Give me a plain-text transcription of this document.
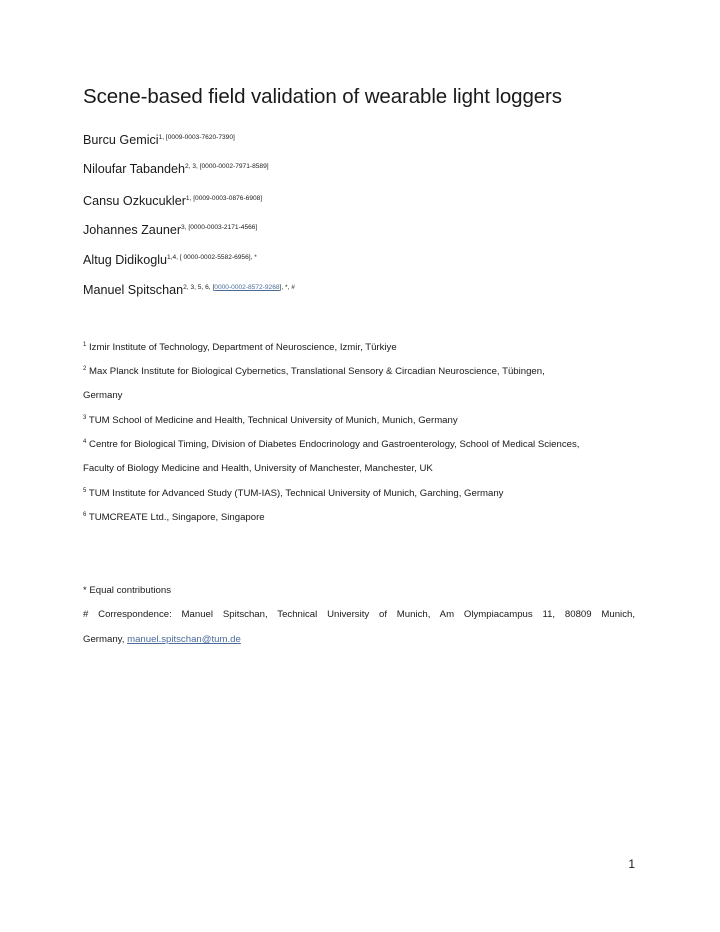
Scene-based field validation of wearable light loggers
Burcu Gemici$^{1, [0009-0003-7620-7390]}$
Niloufar Tabandeh$^{2, 3, [0000-0002-7971-8589]}$
Cansu Ozkucukler$^{1, [0009-0003-0876-6908]}$
Johannes Zauner$^{3, [0000-0003-2171-4566]}$
Altug Didikoglu$^{1,4, [ 0000-0002-5582-6956], *}$
Manuel Spitschan$^{2, 3, 5, 6, [0000-0002-8572-9268], *, \#}$
$^1$ Izmir Institute of Technology, Department of Neuroscience, Izmir, Türkiye
$^2$ Max Planck Institute for Biological Cybernetics, Translational Sensory & Circadian Neuroscience, Tübingen,
Germany
$^3$ TUM School of Medicine and Health, Technical University of Munich, Munich, Germany
$^4$ Centre for Biological Timing, Division of Diabetes Endocrinology and Gastroenterology, School of Medical Sciences,
Faculty of Biology Medicine and Health, University of Manchester, Manchester, UK
$^5$ TUM Institute for Advanced Study (TUM-IAS), Technical University of Munich, Garching, Germany
$^6$ TUMCREATE Ltd., Singapore, Singapore
* Equal contributions
# Correspondence: Manuel Spitschan, Technical University of Munich, Am Olympiacampus 11, 80809 Munich,
Germany, manuel.spitschan@tum.de
1
